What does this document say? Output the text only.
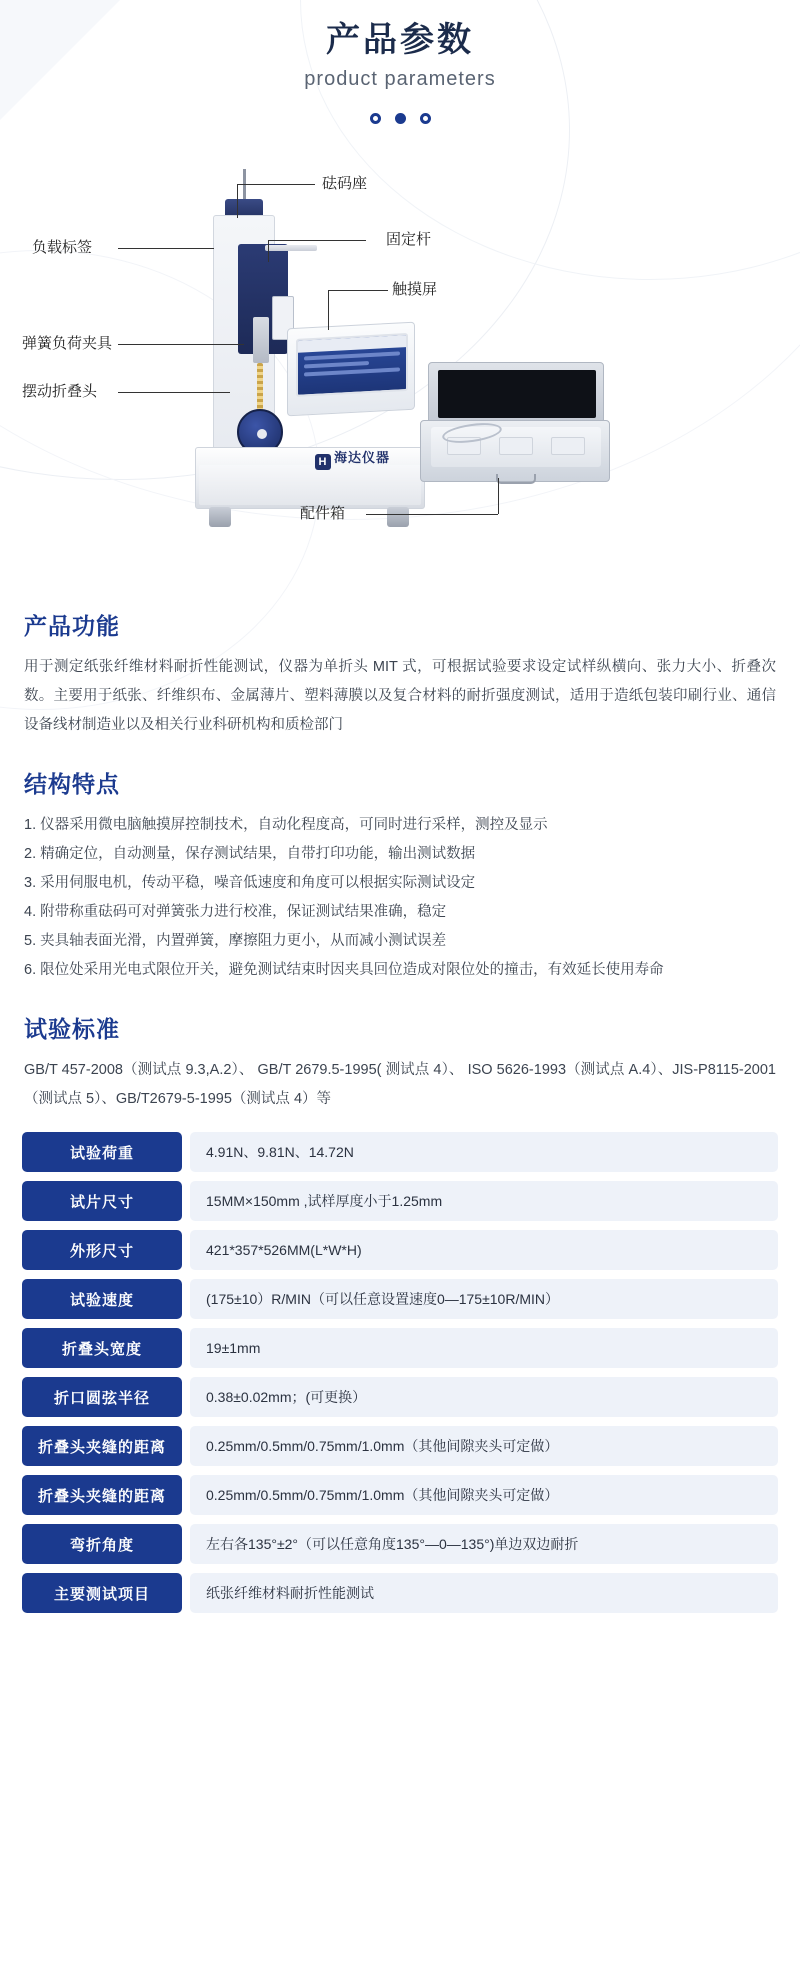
产品参数
product parameters
H 海达仪器
砝码座
固定杆
触摸屏
负载标签
弹簧负荷夹具
摆动折叠头
配件箱
产品功能

用于测定纸张纤维材料耐折性能测试，仪器为单折头 MIT 式，可根据试验要求设定试样纵横向、张力大小、折叠次数。主要用于纸张、纤维织布、金属薄片、塑料薄膜以及复合材料的耐折强度测试，适用于造纸包装印刷行业、通信设备线材制造业以及相关行业科研机构和质检部门

结构特点

1. 仪器采用微电脑触摸屏控制技术，自动化程度高，可同时进行采样，测控及显示

2. 精确定位，自动测量，保存测试结果，自带打印功能，输出测试数据

3. 采用伺服电机，传动平稳，噪音低速度和角度可以根据实际测试设定

4. 附带称重砝码可对弹簧张力进行校准，保证测试结果准确，稳定

5. 夹具轴表面光滑，内置弹簧，摩擦阻力更小，从而减小测试误差

6. 限位处采用光电式限位开关，避免测试结束时因夹具回位造成对限位处的撞击，有效延长使用寿命

试验标准

GB/T 457-2008（测试点 9.3,A.2）、 GB/T 2679.5-1995( 测试点 4）、 ISO 5626-1993（测试点 A.4）、JIS-P8115-2001（测试点 5）、GB/T2679-5-1995（测试点 4）等

试验荷重	4.91N、9.81N、14.72N
试片尺寸	15MM×150mm ,试样厚度小于1.25mm
外形尺寸	421*357*526MM(L*W*H)
试验速度	(175±10）R/MIN（可以任意设置速度0—175±10R/MIN）
折叠头宽度	19±1mm
折口圆弦半径	0.38±0.02mm；(可更换）
折叠头夹缝的距离	0.25mm/0.5mm/0.75mm/1.0mm（其他间隙夹头可定做）
折叠头夹缝的距离	0.25mm/0.5mm/0.75mm/1.0mm（其他间隙夹头可定做）
弯折角度	左右各135°±2°（可以任意角度135°—0—135°)单边双边耐折
主要测试项目	纸张纤维材料耐折性能测试
